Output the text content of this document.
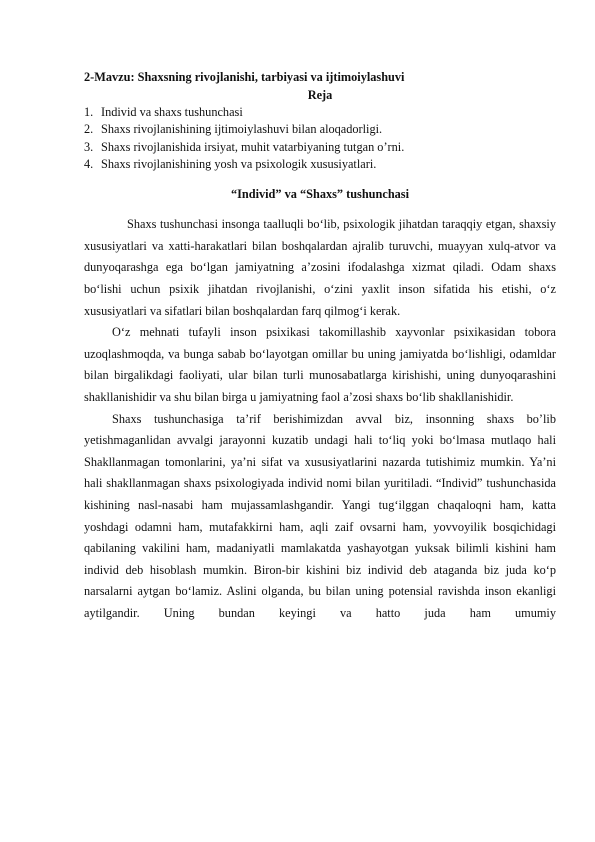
2-Mavzu: Shaxsning rivojlanishi, tarbiyasi va ijtimoiylashuvi

Reja

1. Individ va shaxs tushunchasi
2. Shaxs rivojlanishining ijtimoiylashuvi bilan aloqadorligi.
3. Shaxs rivojlanishida irsiyat, muhit vatarbiyaning tutgan o’rni.
4. Shaxs rivojlanishining yosh va psixologik xususiyatlari.

“Individ” va “Shaxs” tushunchasi

Shaxs tushunchasi insonga taalluqli bo‘lib, psixologik jihatdan taraqqiy etgan, shaxsiy xususiyatlari va xatti-harakatlari bilan boshqalardan ajralib turuvchi, muayyan xulq-atvor va dunyoqarashga ega bo‘lgan jamiyatning a’zosini ifodalashga xizmat qiladi. Odam shaxs bo‘lishi uchun psixik jihatdan rivojlanishi, o‘zini yaxlit inson sifatida his etishi, o‘z xususiyatlari va sifatlari bilan boshqalardan farq qilmog‘i kerak.

O‘z mehnati tufayli inson psixikasi takomillashib xayvonlar psixikasidan tobora uzoqlashmoqda, va bunga sabab bo‘layotgan omillar bu uning jamiyatda bo‘lishligi, odamldar bilan birgalikdagi faoliyati, ular bilan turli munosabatlarga kirishishi, uning dunyoqarashini shakllanishidir va shu bilan birga u jamiyatning faol a’zosi shaxs bo‘lib shakllanishidir.

Shaxs tushunchasiga ta’rif berishimizdan avval biz, insonning shaxs bo’lib yetishmaganlidan avvalgi jarayonni kuzatib undagi hali to‘liq yoki bo‘lmasa mutlaqo hali Shakllanmagan tomonlarini, ya’ni sifat va xususiyatlarini nazarda tutishimiz mumkin. Ya’ni hali shakllanmagan shaxs psixologiyada individ nomi bilan yuritiladi. “Individ” tushunchasida kishining nasl-nasabi ham mujassamlashgandir. Yangi tug‘ilggan chaqaloqni ham, katta yoshdagi odamni ham, mutafakkirni ham, aqli zaif ovsarni ham, yovvoyilik bosqichidagi qabilaning vakilini ham, madaniyatli mamlakatda yashayotgan yuksak bilimli kishini ham individ deb hisoblash mumkin. Biron-bir kishini biz individ deb ataganda biz juda ko‘p narsalarni aytgan bo‘lamiz. Aslini olganda, bu bilan uning potensial ravishda inson ekanligi aytilgandir. Uning bundan keyingi va hatto juda ham umumiy
